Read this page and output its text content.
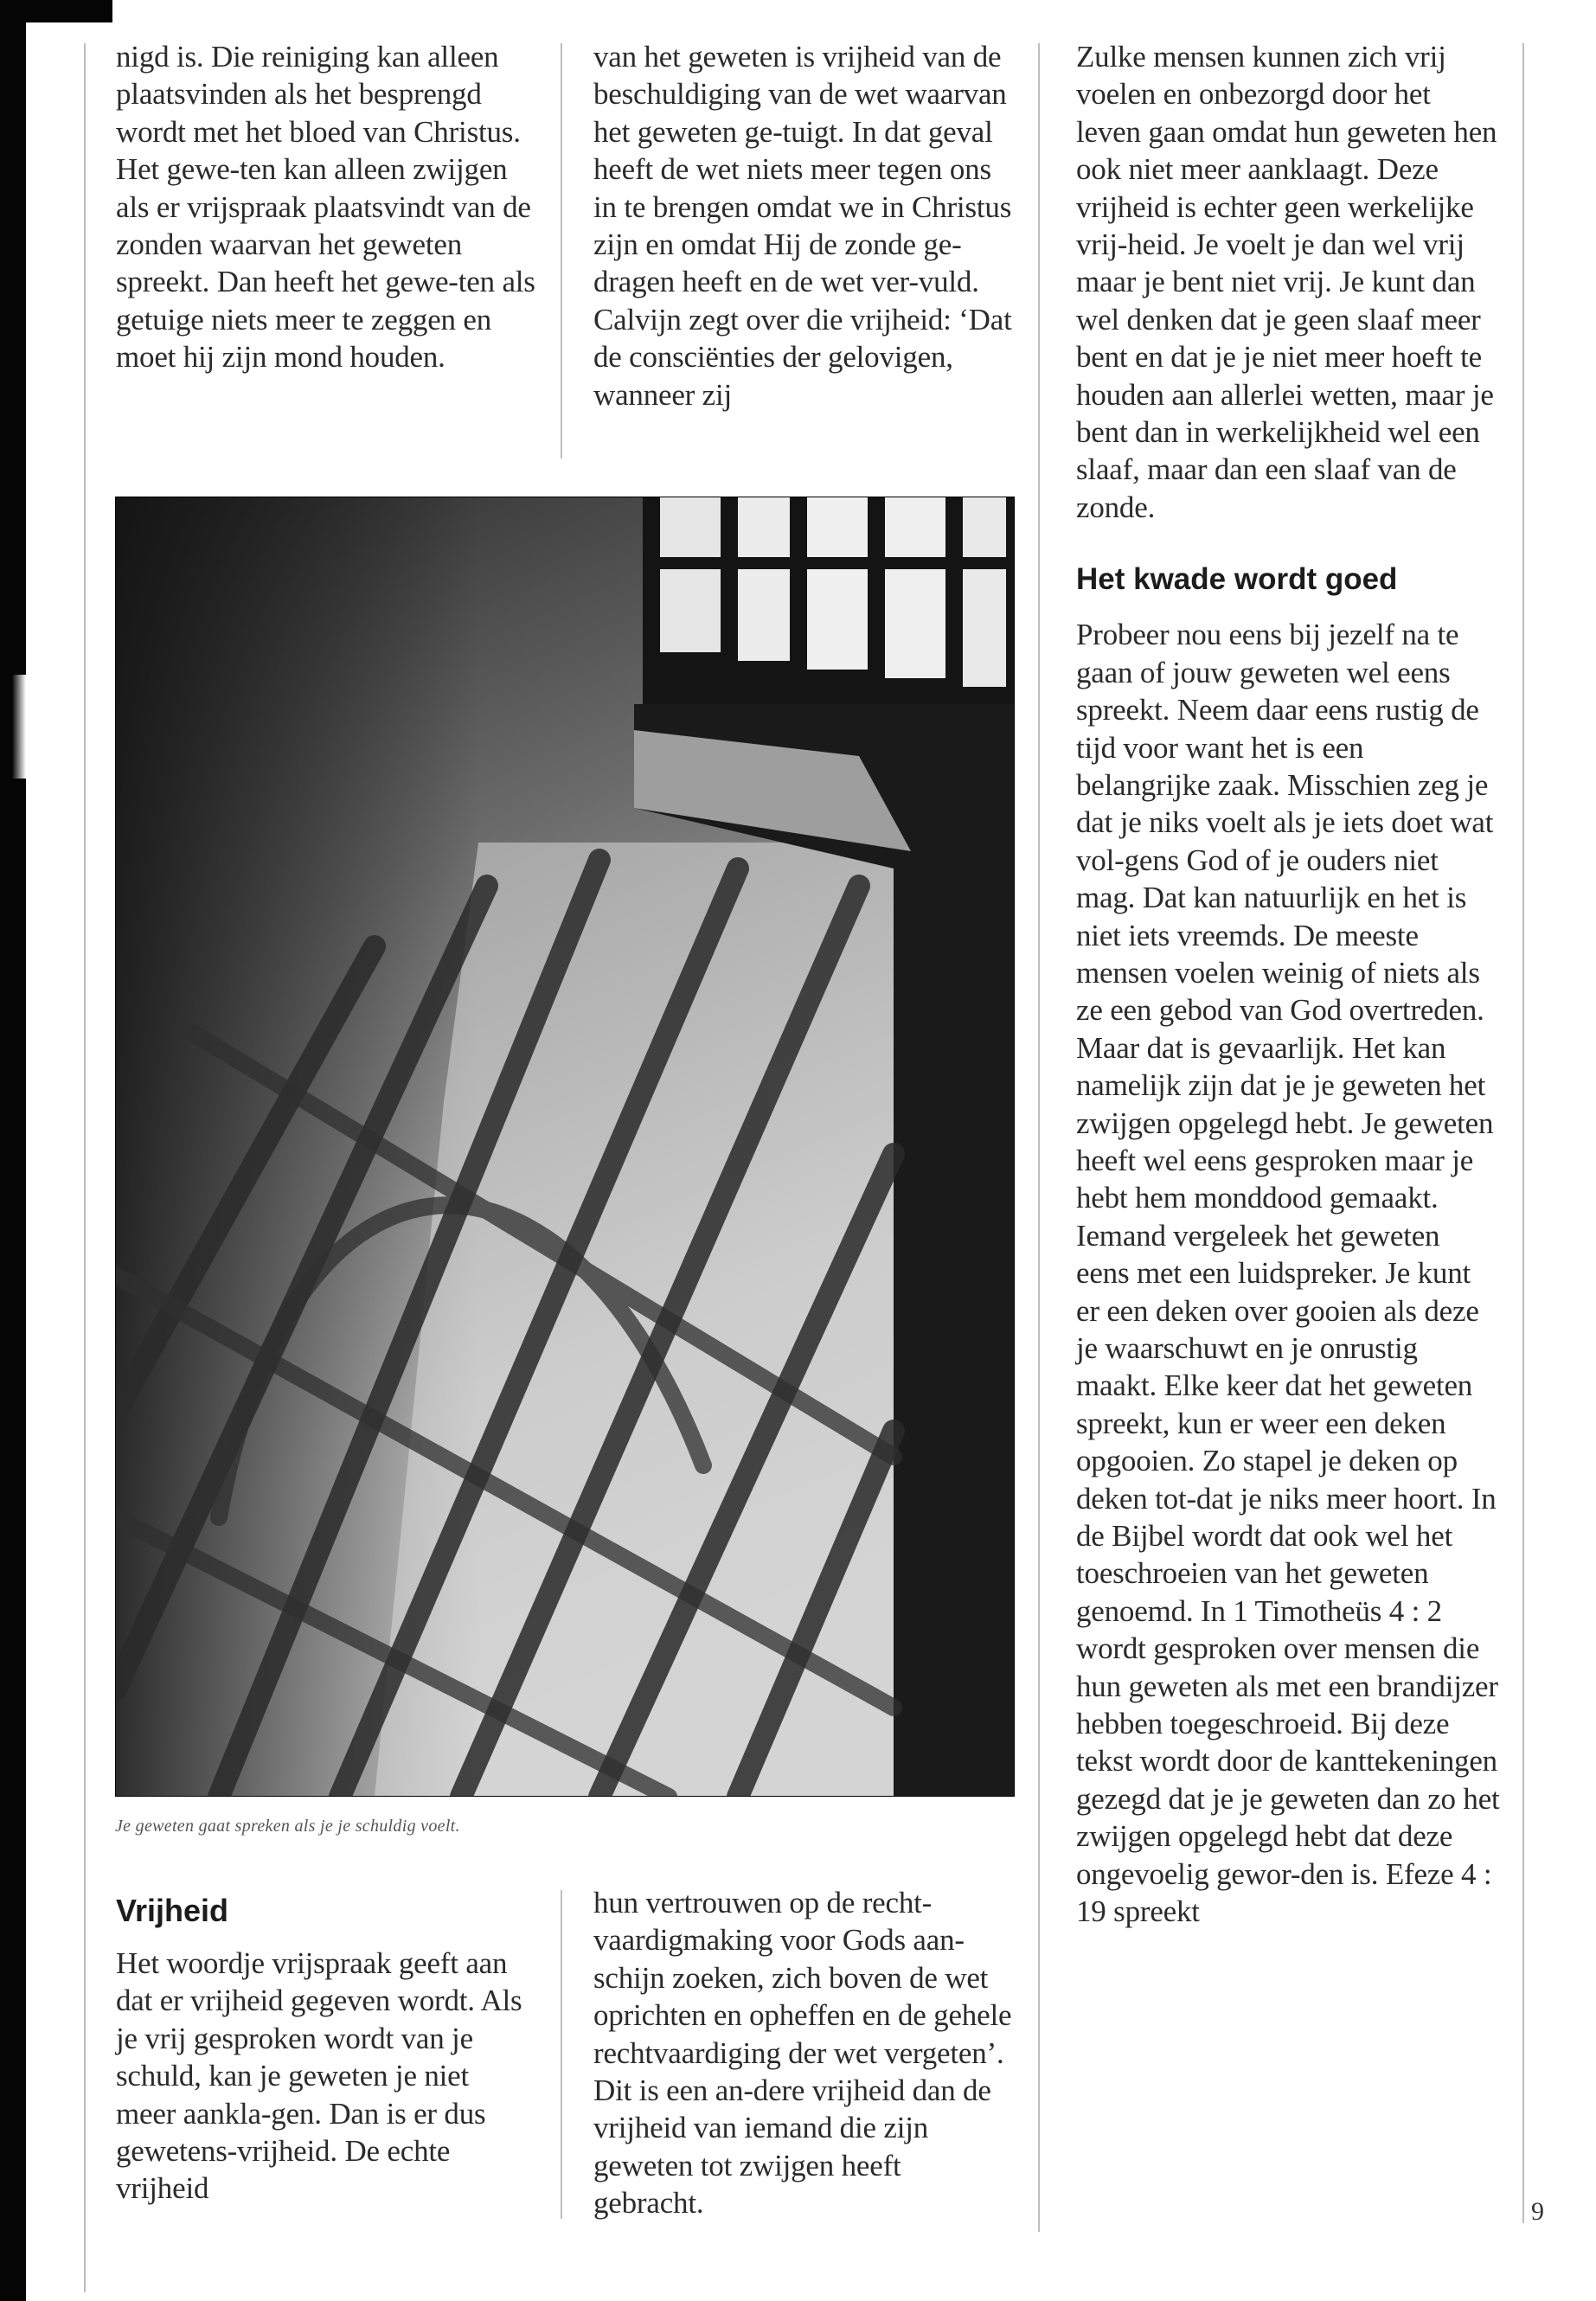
nigd is. Die reiniging kan alleen plaatsvinden als het besprengd wordt met het bloed van Christus. Het gewe-ten kan alleen zwijgen als er vrijspraak plaatsvindt van de zonden waarvan het geweten spreekt. Dan heeft het gewe-ten als getuige niets meer te zeggen en moet hij zijn mond houden.

van het geweten is vrijheid van de beschuldiging van de wet waarvan het geweten ge-tuigt. In dat geval heeft de wet niets meer tegen ons in te brengen omdat we in Christus zijn en omdat Hij de zonde ge-dragen heeft en de wet ver-vuld. Calvijn zegt over die vrijheid: ‘Dat de consciënties der gelovigen, wanneer zij

Zulke mensen kunnen zich vrij voelen en onbezorgd door het leven gaan omdat hun geweten hen ook niet meer aanklaagt. Deze vrijheid is echter geen werkelijke vrij-heid. Je voelt je dan wel vrij maar je bent niet vrij. Je kunt dan wel denken dat je geen slaaf meer bent en dat je je niet meer hoeft te houden aan allerlei wetten, maar je bent dan in werkelijkheid wel een slaaf, maar dan een slaaf van de zonde.

Het kwade wordt goed

Probeer nou eens bij jezelf na te gaan of jouw geweten wel eens spreekt. Neem daar eens rustig de tijd voor want het is een belangrijke zaak. Misschien zeg je dat je niks voelt als je iets doet wat vol-gens God of je ouders niet mag. Dat kan natuurlijk en het is niet iets vreemds. De meeste mensen voelen weinig of niets als ze een gebod van God overtreden. Maar dat is gevaarlijk. Het kan namelijk zijn dat je je geweten het zwijgen opgelegd hebt. Je geweten heeft wel eens gesproken maar je hebt hem monddood gemaakt. Iemand vergeleek het geweten eens met een luidspreker. Je kunt er een deken over gooien als deze je waarschuwt en je onrustig maakt. Elke keer dat het geweten spreekt, kun er weer een deken opgooien. Zo stapel je deken op deken tot-dat je niks meer hoort. In de Bijbel wordt dat ook wel het toeschroeien van het geweten genoemd. In 1 Timotheüs 4 : 2 wordt gesproken over mensen die hun geweten als met een brandijzer hebben toegeschroeid. Bij deze tekst wordt door de kanttekeningen gezegd dat je je geweten dan zo het zwijgen opgelegd hebt dat deze ongevoelig gewor-den is. Efeze 4 : 19 spreekt

Je geweten gaat spreken als je je schuldig voelt.
Vrijheid

Het woordje vrijspraak geeft aan dat er vrijheid gegeven wordt. Als je vrij gesproken wordt van je schuld, kan je geweten je niet meer aankla-gen. Dan is er dus gewetens-vrijheid. De echte vrijheid

hun vertrouwen op de recht-vaardigmaking voor Gods aan-schijn zoeken, zich boven de wet oprichten en opheffen en de gehele rechtvaardiging der wet vergeten’. Dit is een an-dere vrijheid dan de vrijheid van iemand die zijn geweten tot zwijgen heeft gebracht.	9
